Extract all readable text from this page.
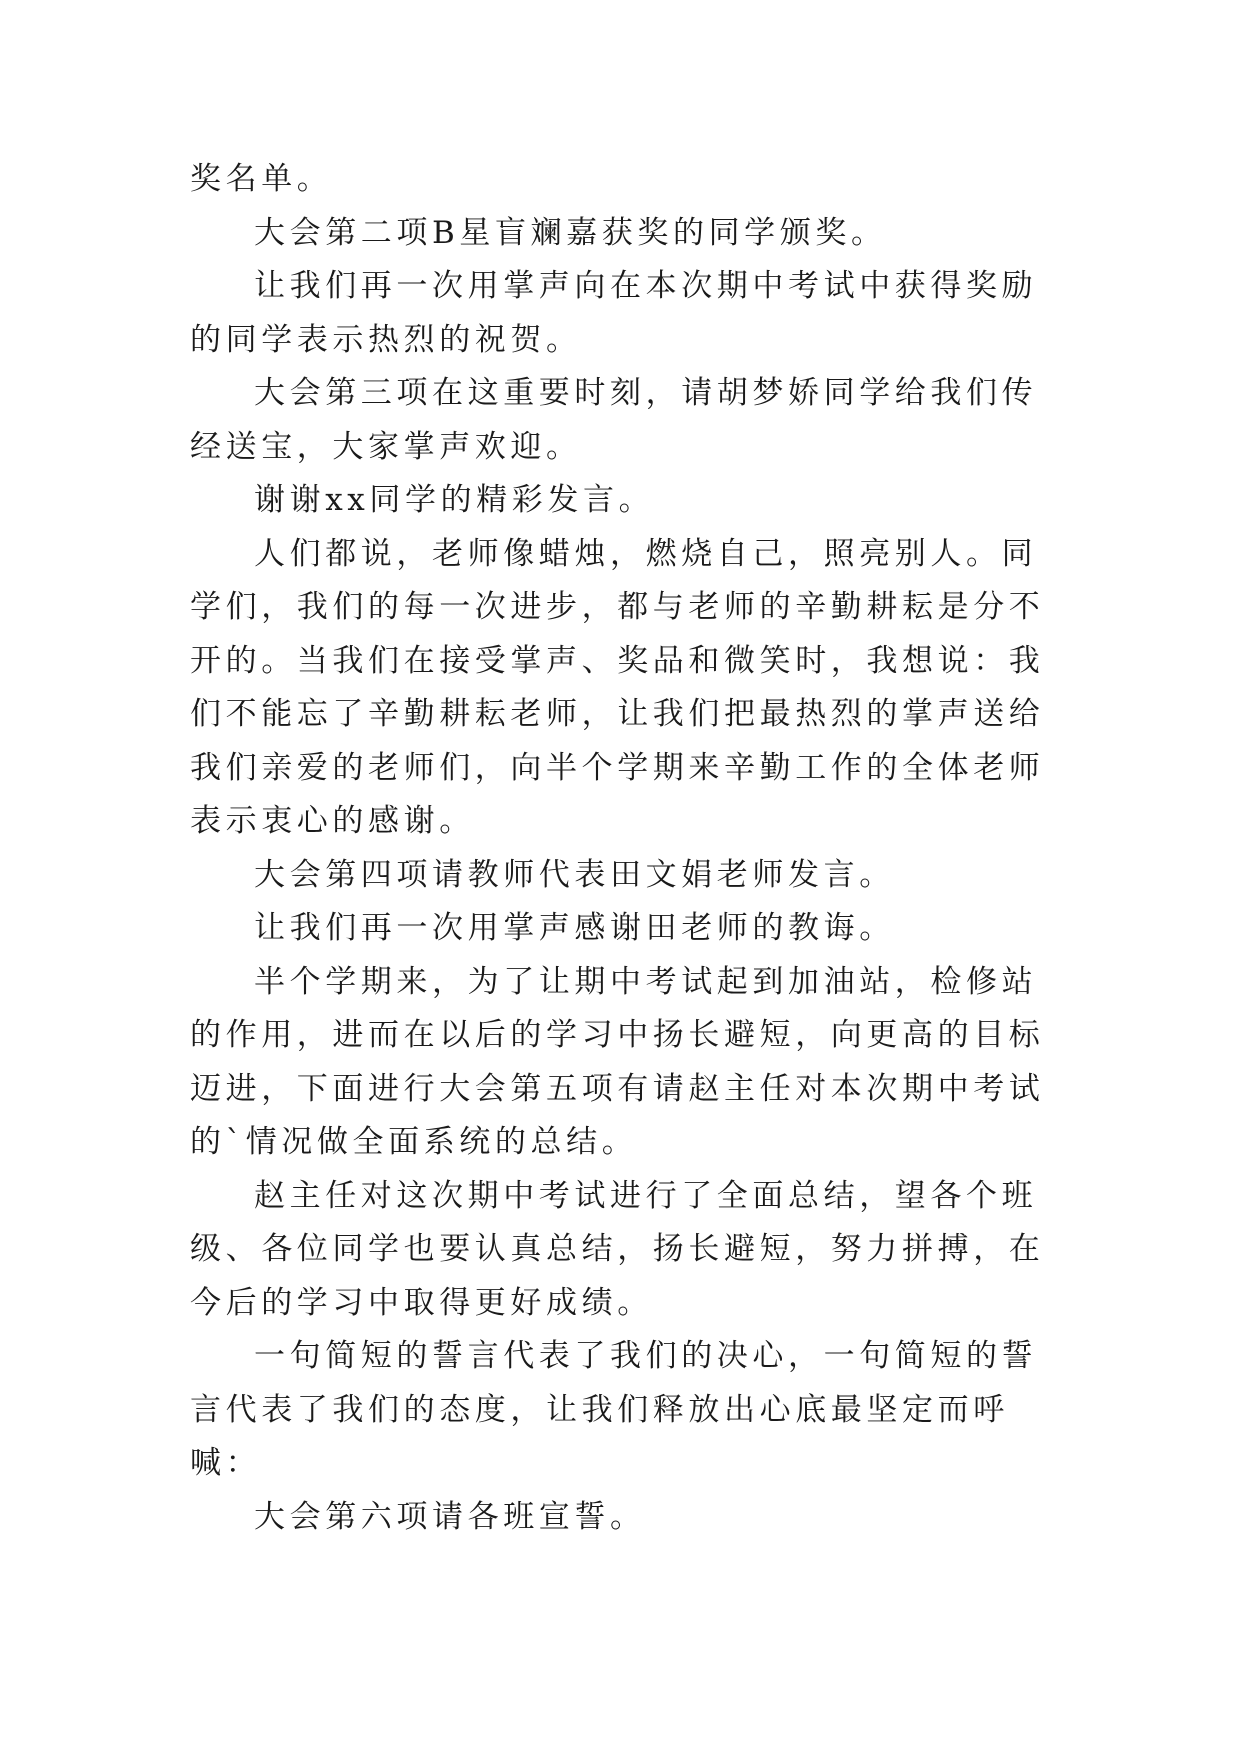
奖名单。

大会第二项B星盲斓嘉获奖的同学颁奖。

让我们再一次用掌声向在本次期中考试中获得奖励的同学表示热烈的祝贺。

大会第三项在这重要时刻，请胡梦娇同学给我们传经送宝，大家掌声欢迎。

谢谢xx同学的精彩发言。

人们都说，老师像蜡烛，燃烧自己，照亮别人。同学们，我们的每一次进步，都与老师的辛勤耕耘是分不开的。当我们在接受掌声、奖品和微笑时，我想说：我们不能忘了辛勤耕耘老师，让我们把最热烈的掌声送给我们亲爱的老师们，向半个学期来辛勤工作的全体老师表示衷心的感谢。

大会第四项请教师代表田文娟老师发言。

让我们再一次用掌声感谢田老师的教诲。

半个学期来，为了让期中考试起到加油站，检修站的作用，进而在以后的学习中扬长避短，向更高的目标迈进，下面进行大会第五项有请赵主任对本次期中考试的`情况做全面系统的总结。

赵主任对这次期中考试进行了全面总结，望各个班级、各位同学也要认真总结，扬长避短，努力拼搏，在今后的学习中取得更好成绩。

一句简短的誓言代表了我们的决心，一句简短的誓言代表了我们的态度，让我们释放出心底最坚定而呼喊：

大会第六项请各班宣誓。
